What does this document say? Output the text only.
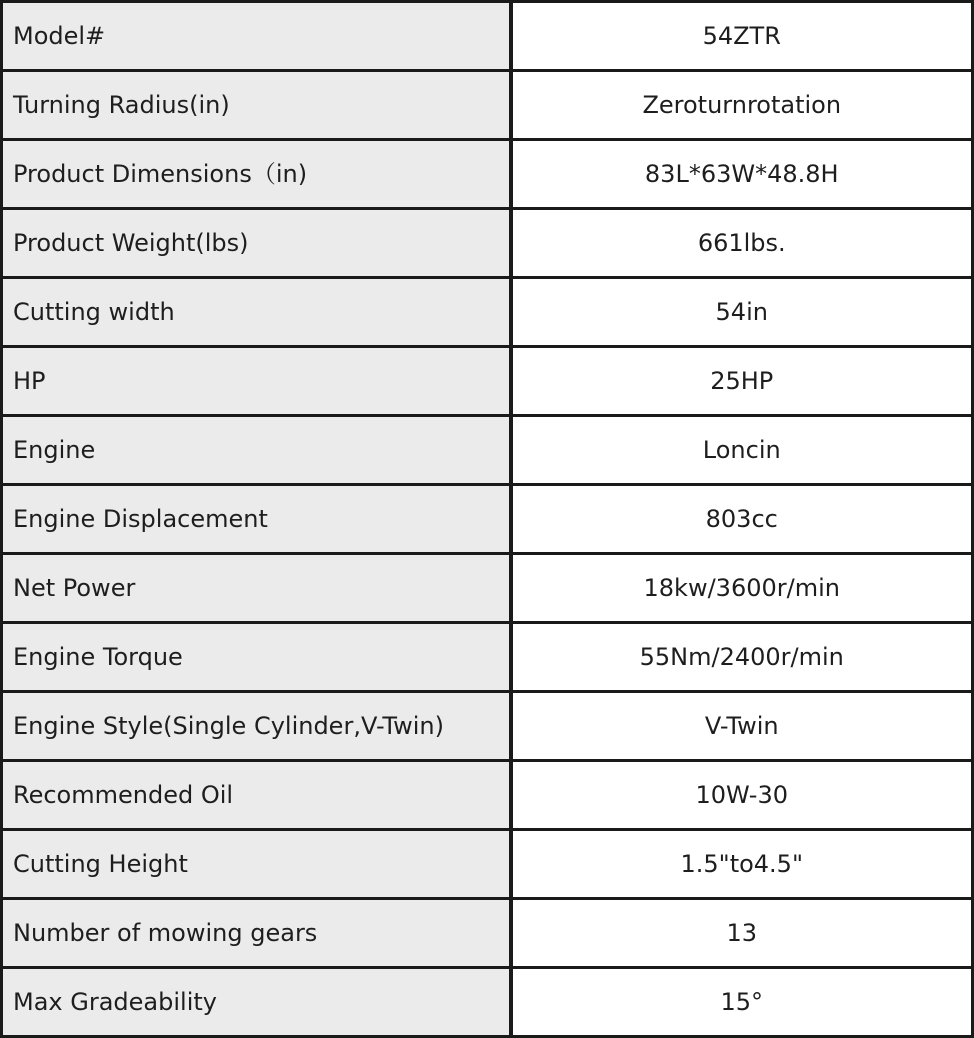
Model#	54ZTR
Turning Radius(in)	Zeroturnrotation
Product Dimensions（in)	83L*63W*48.8H
Product Weight(lbs)	661lbs.
Cutting width	54in
HP	25HP
Engine	Loncin
Engine Displacement	803cc
Net Power	18kw/3600r/min
Engine Torque	55Nm/2400r/min
Engine Style(Single Cylinder,V-Twin)	V-Twin
Recommended Oil	10W-30
Cutting Height	1.5"to4.5"
Number of mowing gears	13
Max Gradeability	15°
